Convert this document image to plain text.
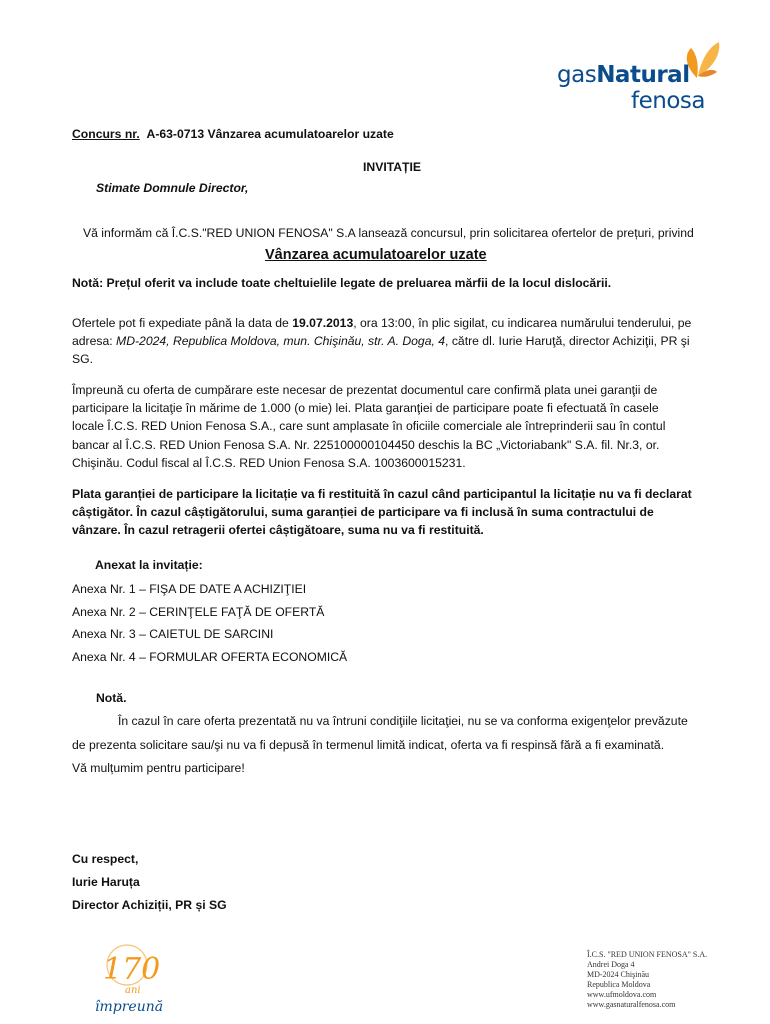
gasNatural
fenosa
Concurs nr. A-63-0713 Vânzarea acumulatoarelor uzate
INVITAȚIE
Stimate Domnule Director,
Vă informăm că Î.C.S."RED UNION FENOSA" S.A lansează concursul, prin solicitarea ofertelor de prețuri, privind
Vânzarea acumulatoarelor uzate
Notă: Prețul oferit va include toate cheltuielile legate de preluarea mărfii de la locul dislocării.
Ofertele pot fi expediate până la data de 19.07.2013, ora 13:00, în plic sigilat, cu indicarea numărului tenderului, pe
adresa: MD-2024, Republica Moldova, mun. Chişinău, str. A. Doga, 4, către dl. Iurie Haruţă, director Achiziţii, PR şi
SG.
Împreună cu oferta de cumpărare este necesar de prezentat documentul care confirmă plata unei garanţii de
participare la licitaţie în mărime de 1.000 (o mie) lei. Plata garanţiei de participare poate fi efectuată în casele
locale Î.C.S. RED Union Fenosa S.A., care sunt amplasate în oficiile comerciale ale întreprinderii sau în contul
bancar al Î.C.S. RED Union Fenosa S.A. Nr. 225100000104450 deschis la BC „Victoriabank" S.A. fil. Nr.3, or.
Chişinău. Codul fiscal al Î.C.S. RED Union Fenosa S.A. 1003600015231.
Plata garanției de participare la licitație va fi restituită în cazul când participantul la licitație nu va fi declarat
câștigător. În cazul câștigătorului, suma garanției de participare va fi inclusă în suma contractului de
vânzare. În cazul retragerii ofertei câștigătoare, suma nu va fi restituită.
Anexat la invitație:
Anexa Nr. 1 – FIŞA DE DATE A ACHIZIŢIEI
Anexa Nr. 2 – CERINŢELE FAŢĂ DE OFERTĂ
Anexa Nr. 3 – CAIETUL DE SARCINI
Anexa Nr. 4 – FORMULAR OFERTA ECONOMICĂ
Notă.
În cazul în care oferta prezentată nu va întruni condiţiile licitaţiei, nu se va conforma exigenţelor prevăzute
de prezenta solicitare sau/şi nu va fi depusă în termenul limită indicat, oferta va fi respinsă fără a fi examinată.
Vă mulțumim pentru participare!
Cu respect,
Iurie Haruța
Director Achiziții, PR și SG
170
ani
împreună
Î.C.S. "RED UNION FENOSA" S.A.
Andrei Doga 4
MD-2024 Chişinău
Republica Moldova
www.ufmoldova.com
www.gasnaturalfenosa.com
